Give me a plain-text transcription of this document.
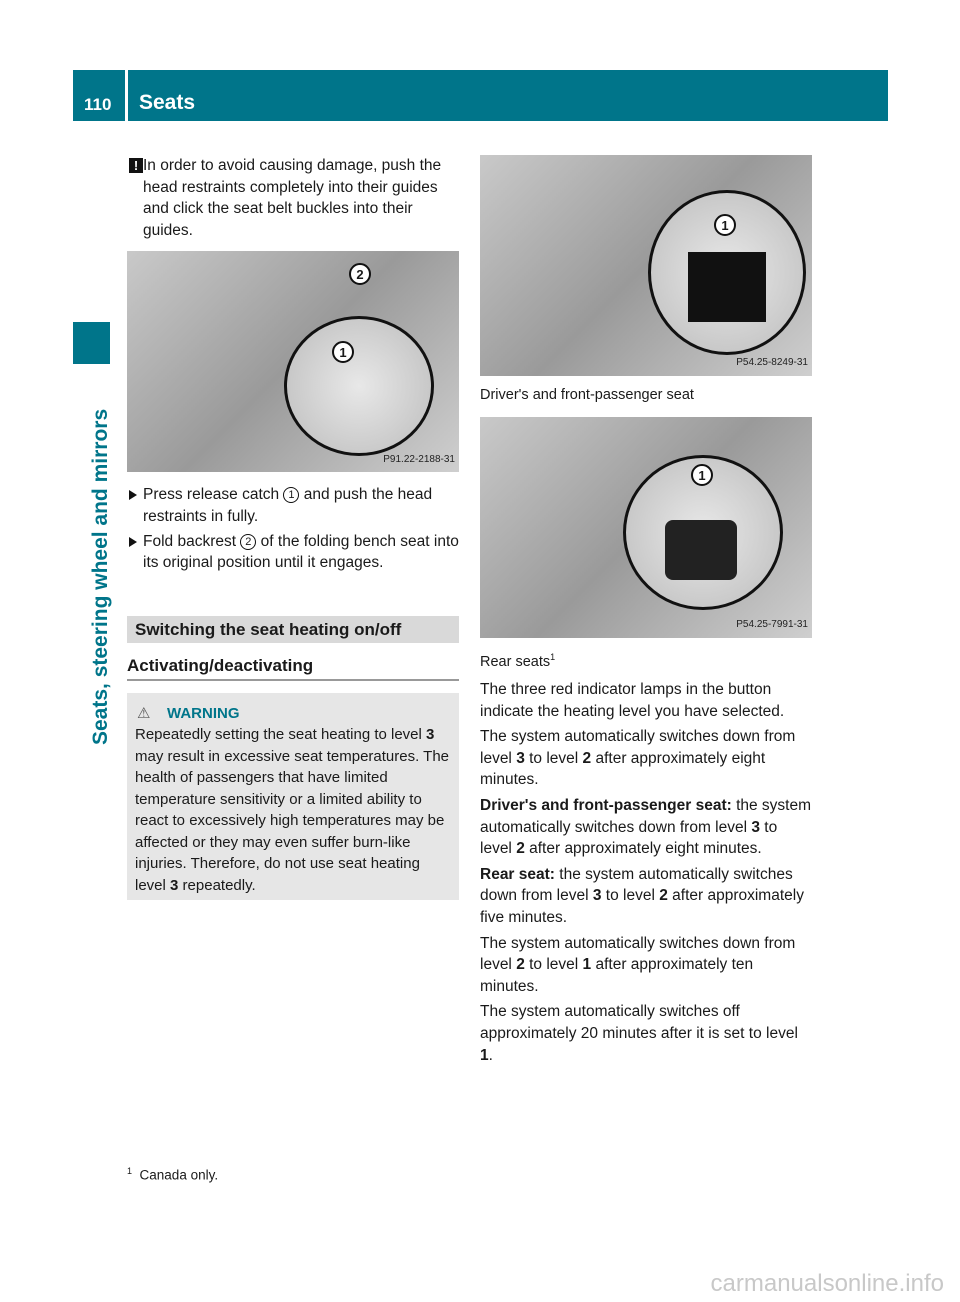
110	Seats
Seats, steering wheel and mirrors
! In order to avoid causing damage, push the head restraints completely into their guides and click the seat belt buckles into their guides.
1
2
P91.22-2188-31
Press release catch 1 and push the head restraints in fully.
Fold backrest 2 of the folding bench seat into its original position until it engages.
Switching the seat heating on/off
Activating/deactivating
⚠ WARNING
Repeatedly setting the seat heating to level 3 may result in excessive seat temperatures. The health of passengers that have limited temperature sensitivity or a limited ability to react to excessively high temperatures may be affected or they may even suffer burn-like injuries. Therefore, do not use seat heating level 3 repeatedly.
1
P54.25-8249-31
Driver's and front-passenger seat
1
P54.25-7991-31
Rear seats$^1$
The three red indicator lamps in the button indicate the heating level you have selected.
The system automatically switches down from level 3 to level 2 after approximately eight minutes.
Driver's and front-passenger seat: the system automatically switches down from level 3 to level 2 after approximately eight minutes.
Rear seat: the system automatically switches down from level 3 to level 2 after approximately five minutes.
The system automatically switches down from level 2 to level 1 after approximately ten minutes.
The system automatically switches off approximately 20 minutes after it is set to level 1.
$^1$ Canada only.
carmanualsonline.info
